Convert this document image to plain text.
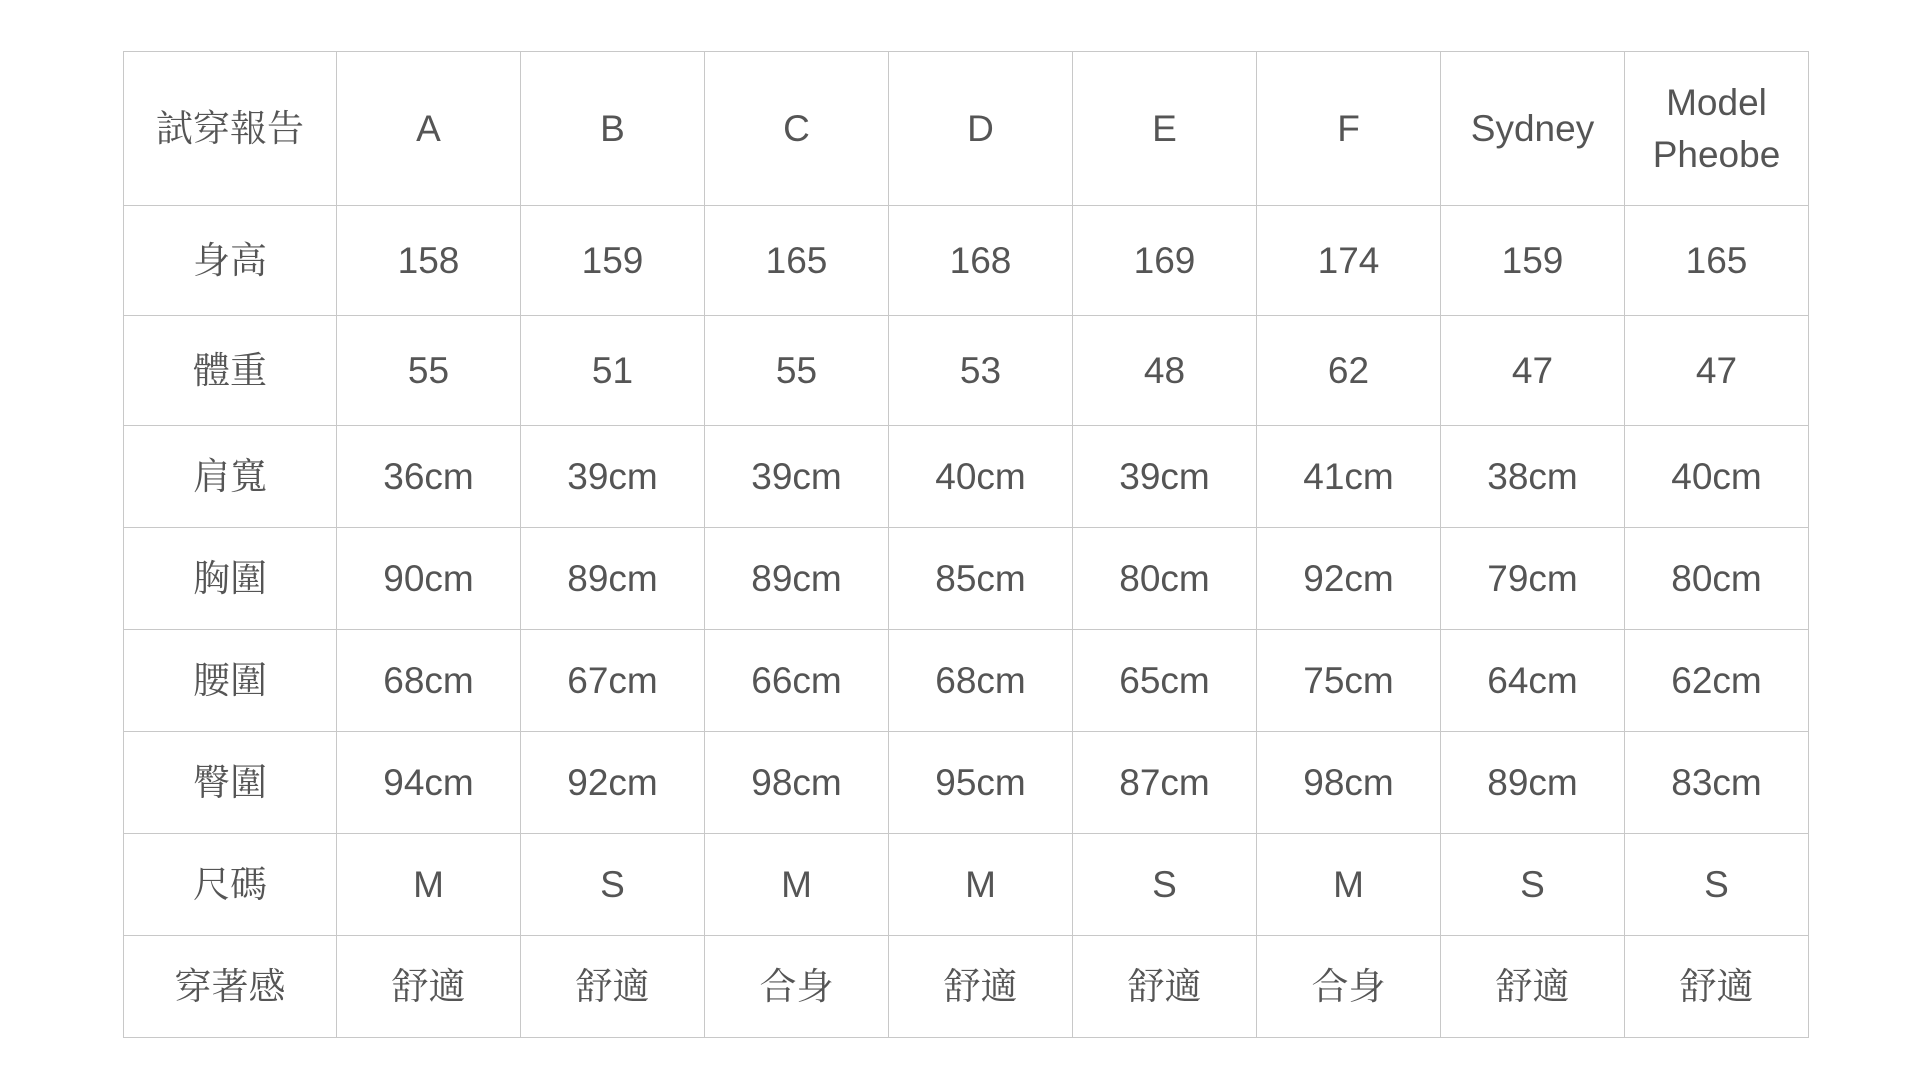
試穿報告	A	B	C	D	E	F	Sydney	Model
Pheobe
身高	158	159	165	168	169	174	159	165
體重	55	51	55	53	48	62	47	47
肩寬	36cm	39cm	39cm	40cm	39cm	41cm	38cm	40cm
胸圍	90cm	89cm	89cm	85cm	80cm	92cm	79cm	80cm
腰圍	68cm	67cm	66cm	68cm	65cm	75cm	64cm	62cm
臀圍	94cm	92cm	98cm	95cm	87cm	98cm	89cm	83cm
尺碼	M	S	M	M	S	M	S	S
穿著感	舒適	舒適	合身	舒適	舒適	合身	舒適	舒適
